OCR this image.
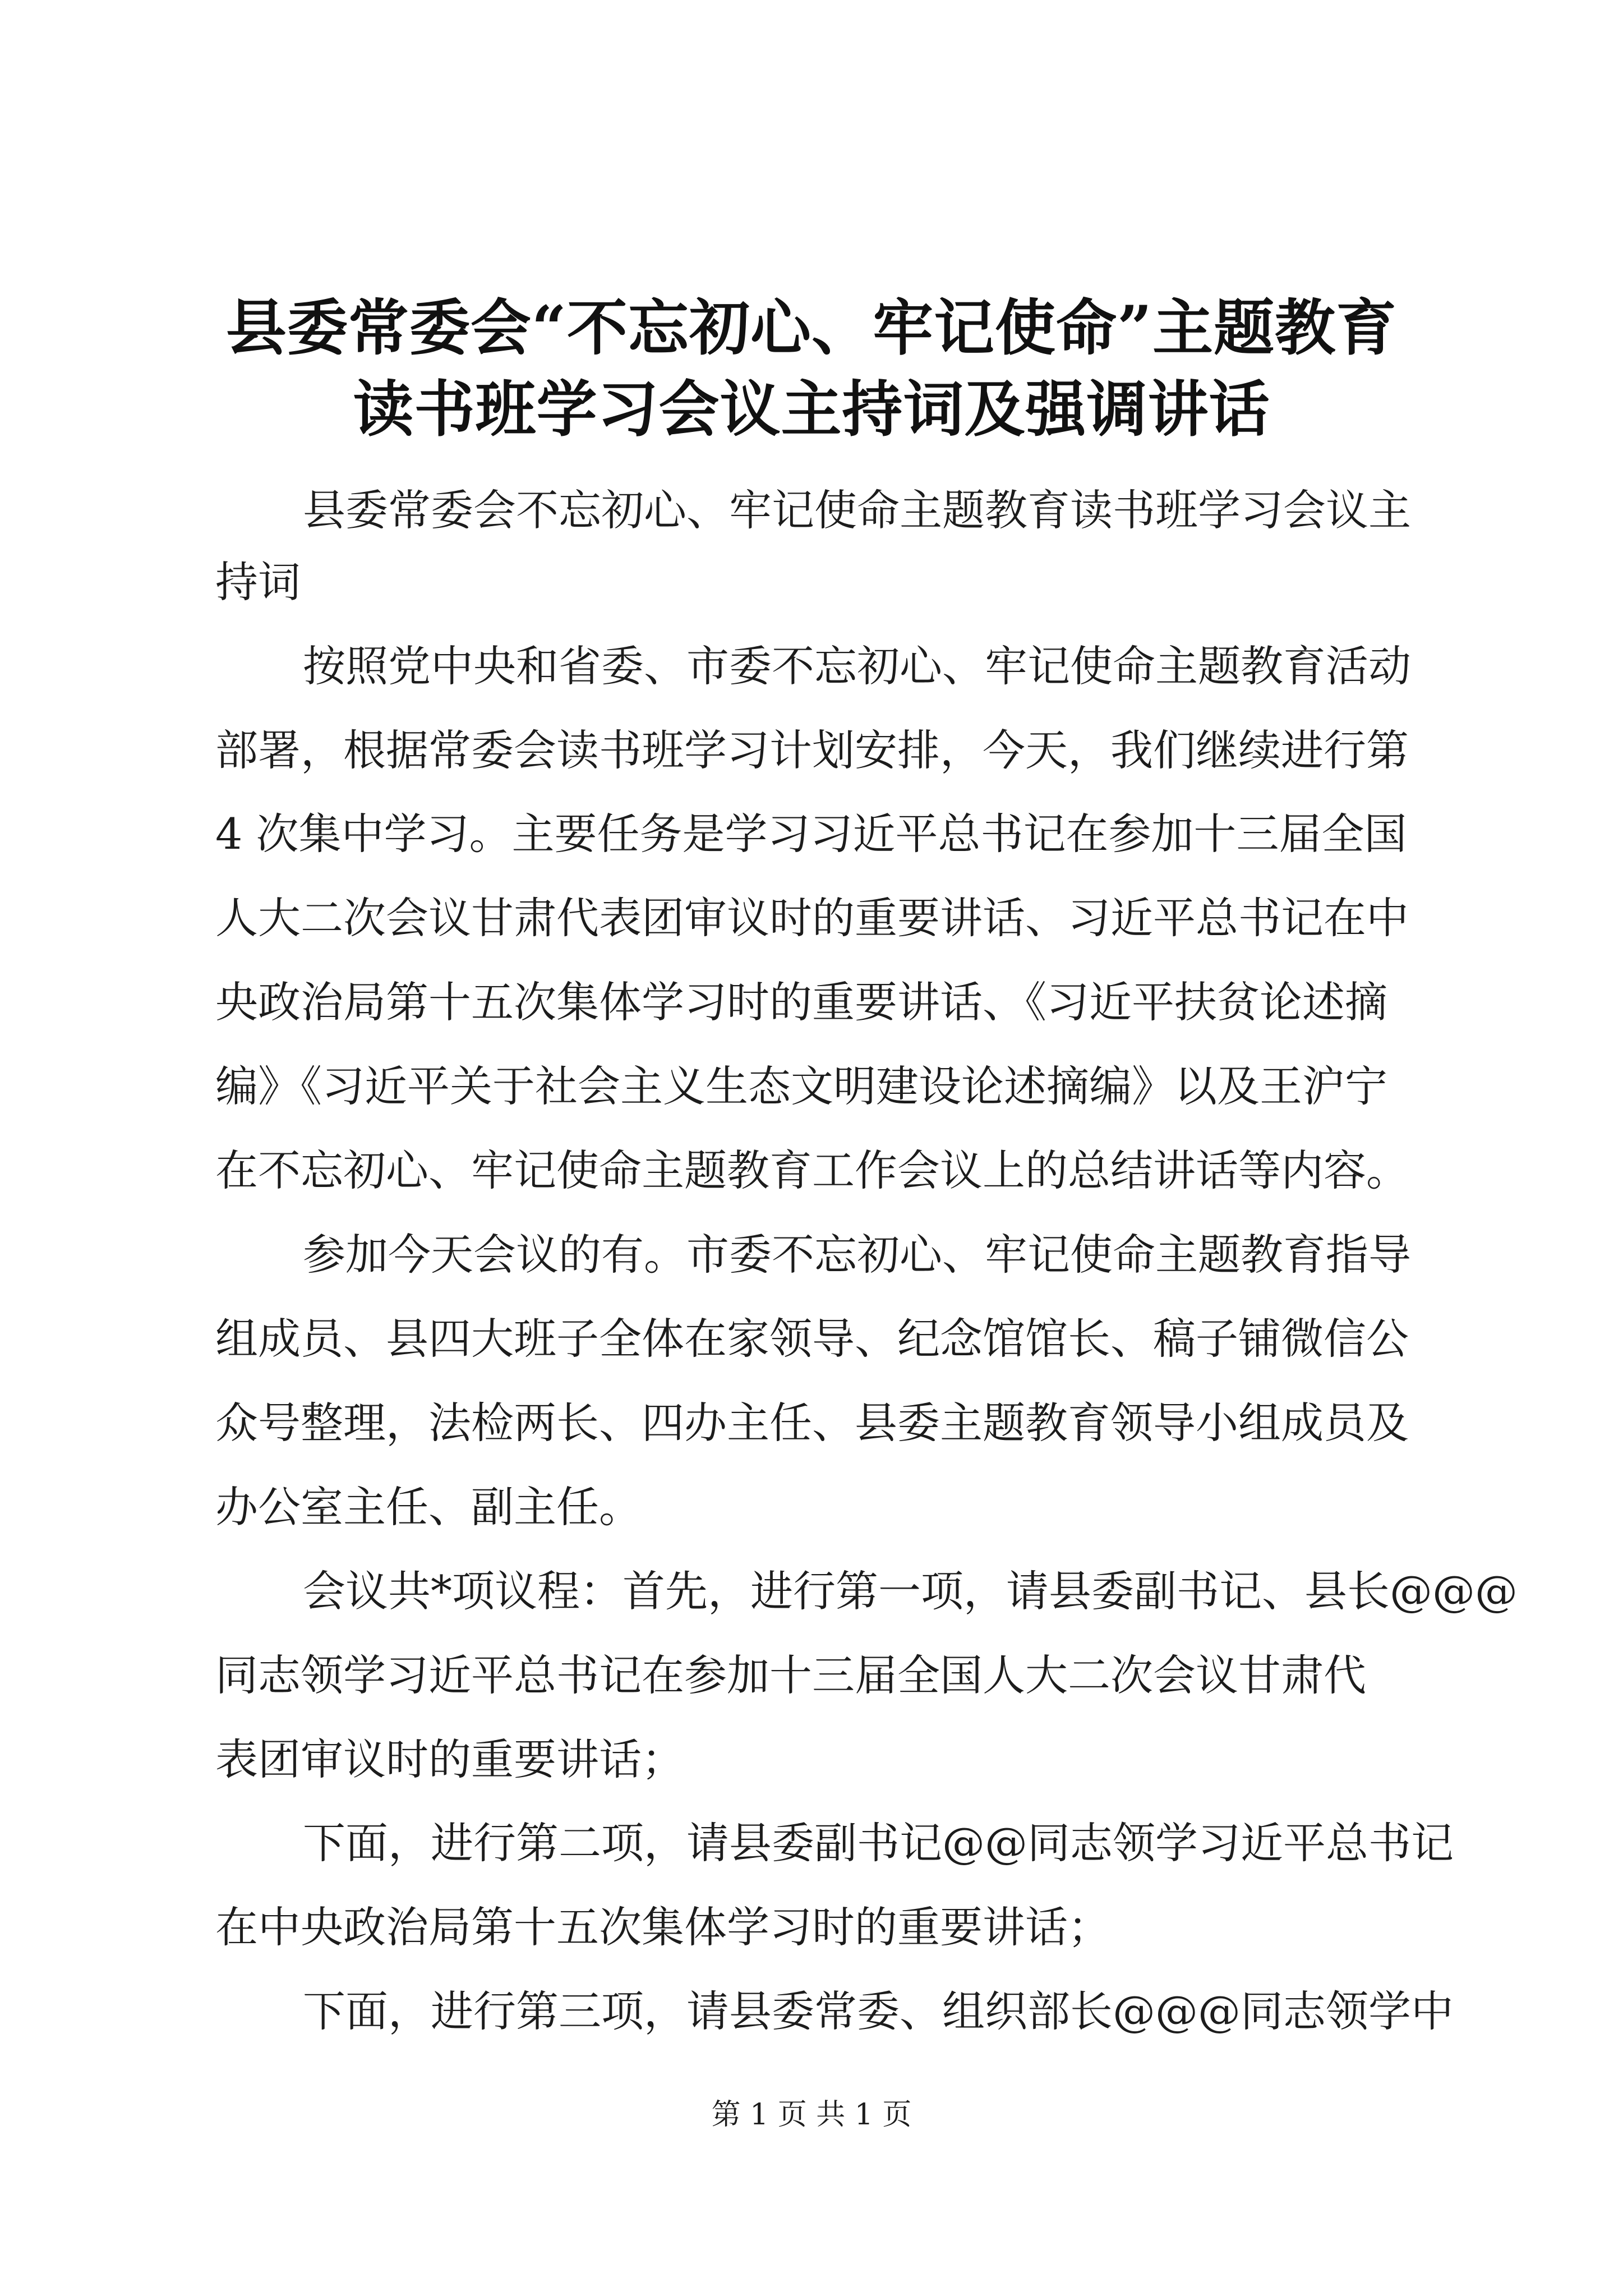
县委常委会“不忘初心、牢记使命”主题教育
读书班学习会议主持词及强调讲话
县委常委会不忘初心、牢记使命主题教育读书班学习会议主
持词
按照党中央和省委、市委不忘初心、牢记使命主题教育活动
部署，根据常委会读书班学习计划安排，今天，我们继续进行第
4 次集中学习。主要任务是学习习近平总书记在参加十三届全国
人大二次会议甘肃代表团审议时的重要讲话、习近平总书记在中
央政治局第十五次集体学习时的重要讲话、《习近平扶贫论述摘
编》《习近平关于社会主义生态文明建设论述摘编》以及王沪宁
在不忘初心、牢记使命主题教育工作会议上的总结讲话等内容。
参加今天会议的有。市委不忘初心、牢记使命主题教育指导
组成员、县四大班子全体在家领导、纪念馆馆长、稿子铺微信公
众号整理，法检两长、四办主任、县委主题教育领导小组成员及
办公室主任、副主任。
会议共*项议程：首先，进行第一项，请县委副书记、县长@@@
同志领学习近平总书记在参加十三届全国人大二次会议甘肃代
表团审议时的重要讲话；
下面，进行第二项，请县委副书记@@同志领学习近平总书记
在中央政治局第十五次集体学习时的重要讲话；
下面，进行第三项，请县委常委、组织部长@@@同志领学中
第 1 页 共 1 页
